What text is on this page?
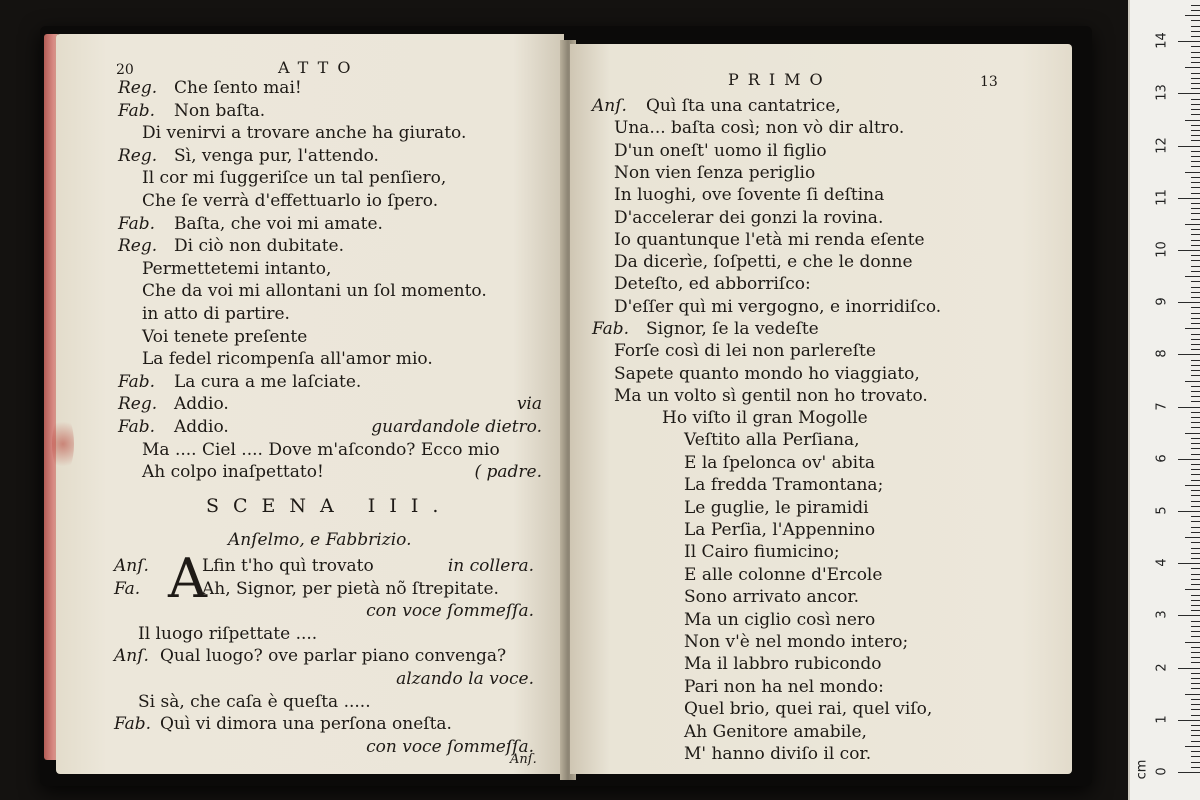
20	ATTO
Reg. Che ſento mai!
Fab. Non baſta.
Di venirvi a trovare anche ha giurato.
Reg. Sì, venga pur, l'attendo.
Il cor mi ſuggeriſce un tal penſiero,
Che ſe verrà d'effettuarlo io ſpero.
Fab. Baſta, che voi mi amate.
Reg. Di ciò non dubitate.
Permettetemi intanto,
Che da voi mi allontani un ſol momento.
in atto di partire.
Voi tenete preſente
La fedel ricompenſa all'amor mio.
Fab. La cura a me laſciate.
Reg. Addio.	via
Fab. Addio.	guardandole dietro.
Ma .... Ciel .... Dove m'aſcondo? Ecco mio
Ah colpo inaſpettato!	( padre.
SCENA III.
Anſelmo, e Fabbrizio.
A
Anſ.	Lfin t'ho quì trovato	in collera.
Fa.	Ah, Signor, per pietà nõ ſtrepitate.
con voce ſommeſſa.
Il luogo riſpettate ....
Anſ. Qual luogo? ove parlar piano convenga?
alzando la voce.
Si sà, che caſa è queſta .....
Fab. Quì vi dimora una perſona oneſta.
con voce ſommeſſa.
Anſ.
PRIMO	13
Anſ. Quì ſta una cantatrice,
Una... baſta così; non vò dir altro.
D'un oneſt' uomo il figlio
Non vien ſenza periglio
In luoghi, ove ſovente ſi deſtina
D'accelerar dei gonzi la rovina.
Io quantunque l'età mi renda eſente
Da dicerìe, ſoſpetti, e che le donne
Deteſto, ed abborriſco:
D'eſſer quì mi vergogno, e inorridiſco.
Fab. Signor, ſe la vedeſte
Forſe così di lei non parlereſte
Sapete quanto mondo ho viaggiato,
Ma un volto sì gentil non ho trovato.
Ho viſto il gran Mogolle
Veſtito alla Perſiana,
E la ſpelonca ov' abita
La fredda Tramontana;
Le guglie, le piramidi
La Perſia, l'Appennino
Il Cairo fiumicino;
E alle colonne d'Ercole
Sono arrivato ancor.
Ma un ciglio così nero
Non v'è nel mondo intero;
Ma il labbro rubicondo
Pari non ha nel mondo:
Quel brio, quei rai, quel viſo,
Ah Genitore amabile,
M' hanno diviſo il cor.
cm
1
2
3
4
5
6
7
8
9
10
11
12
13
14
0
